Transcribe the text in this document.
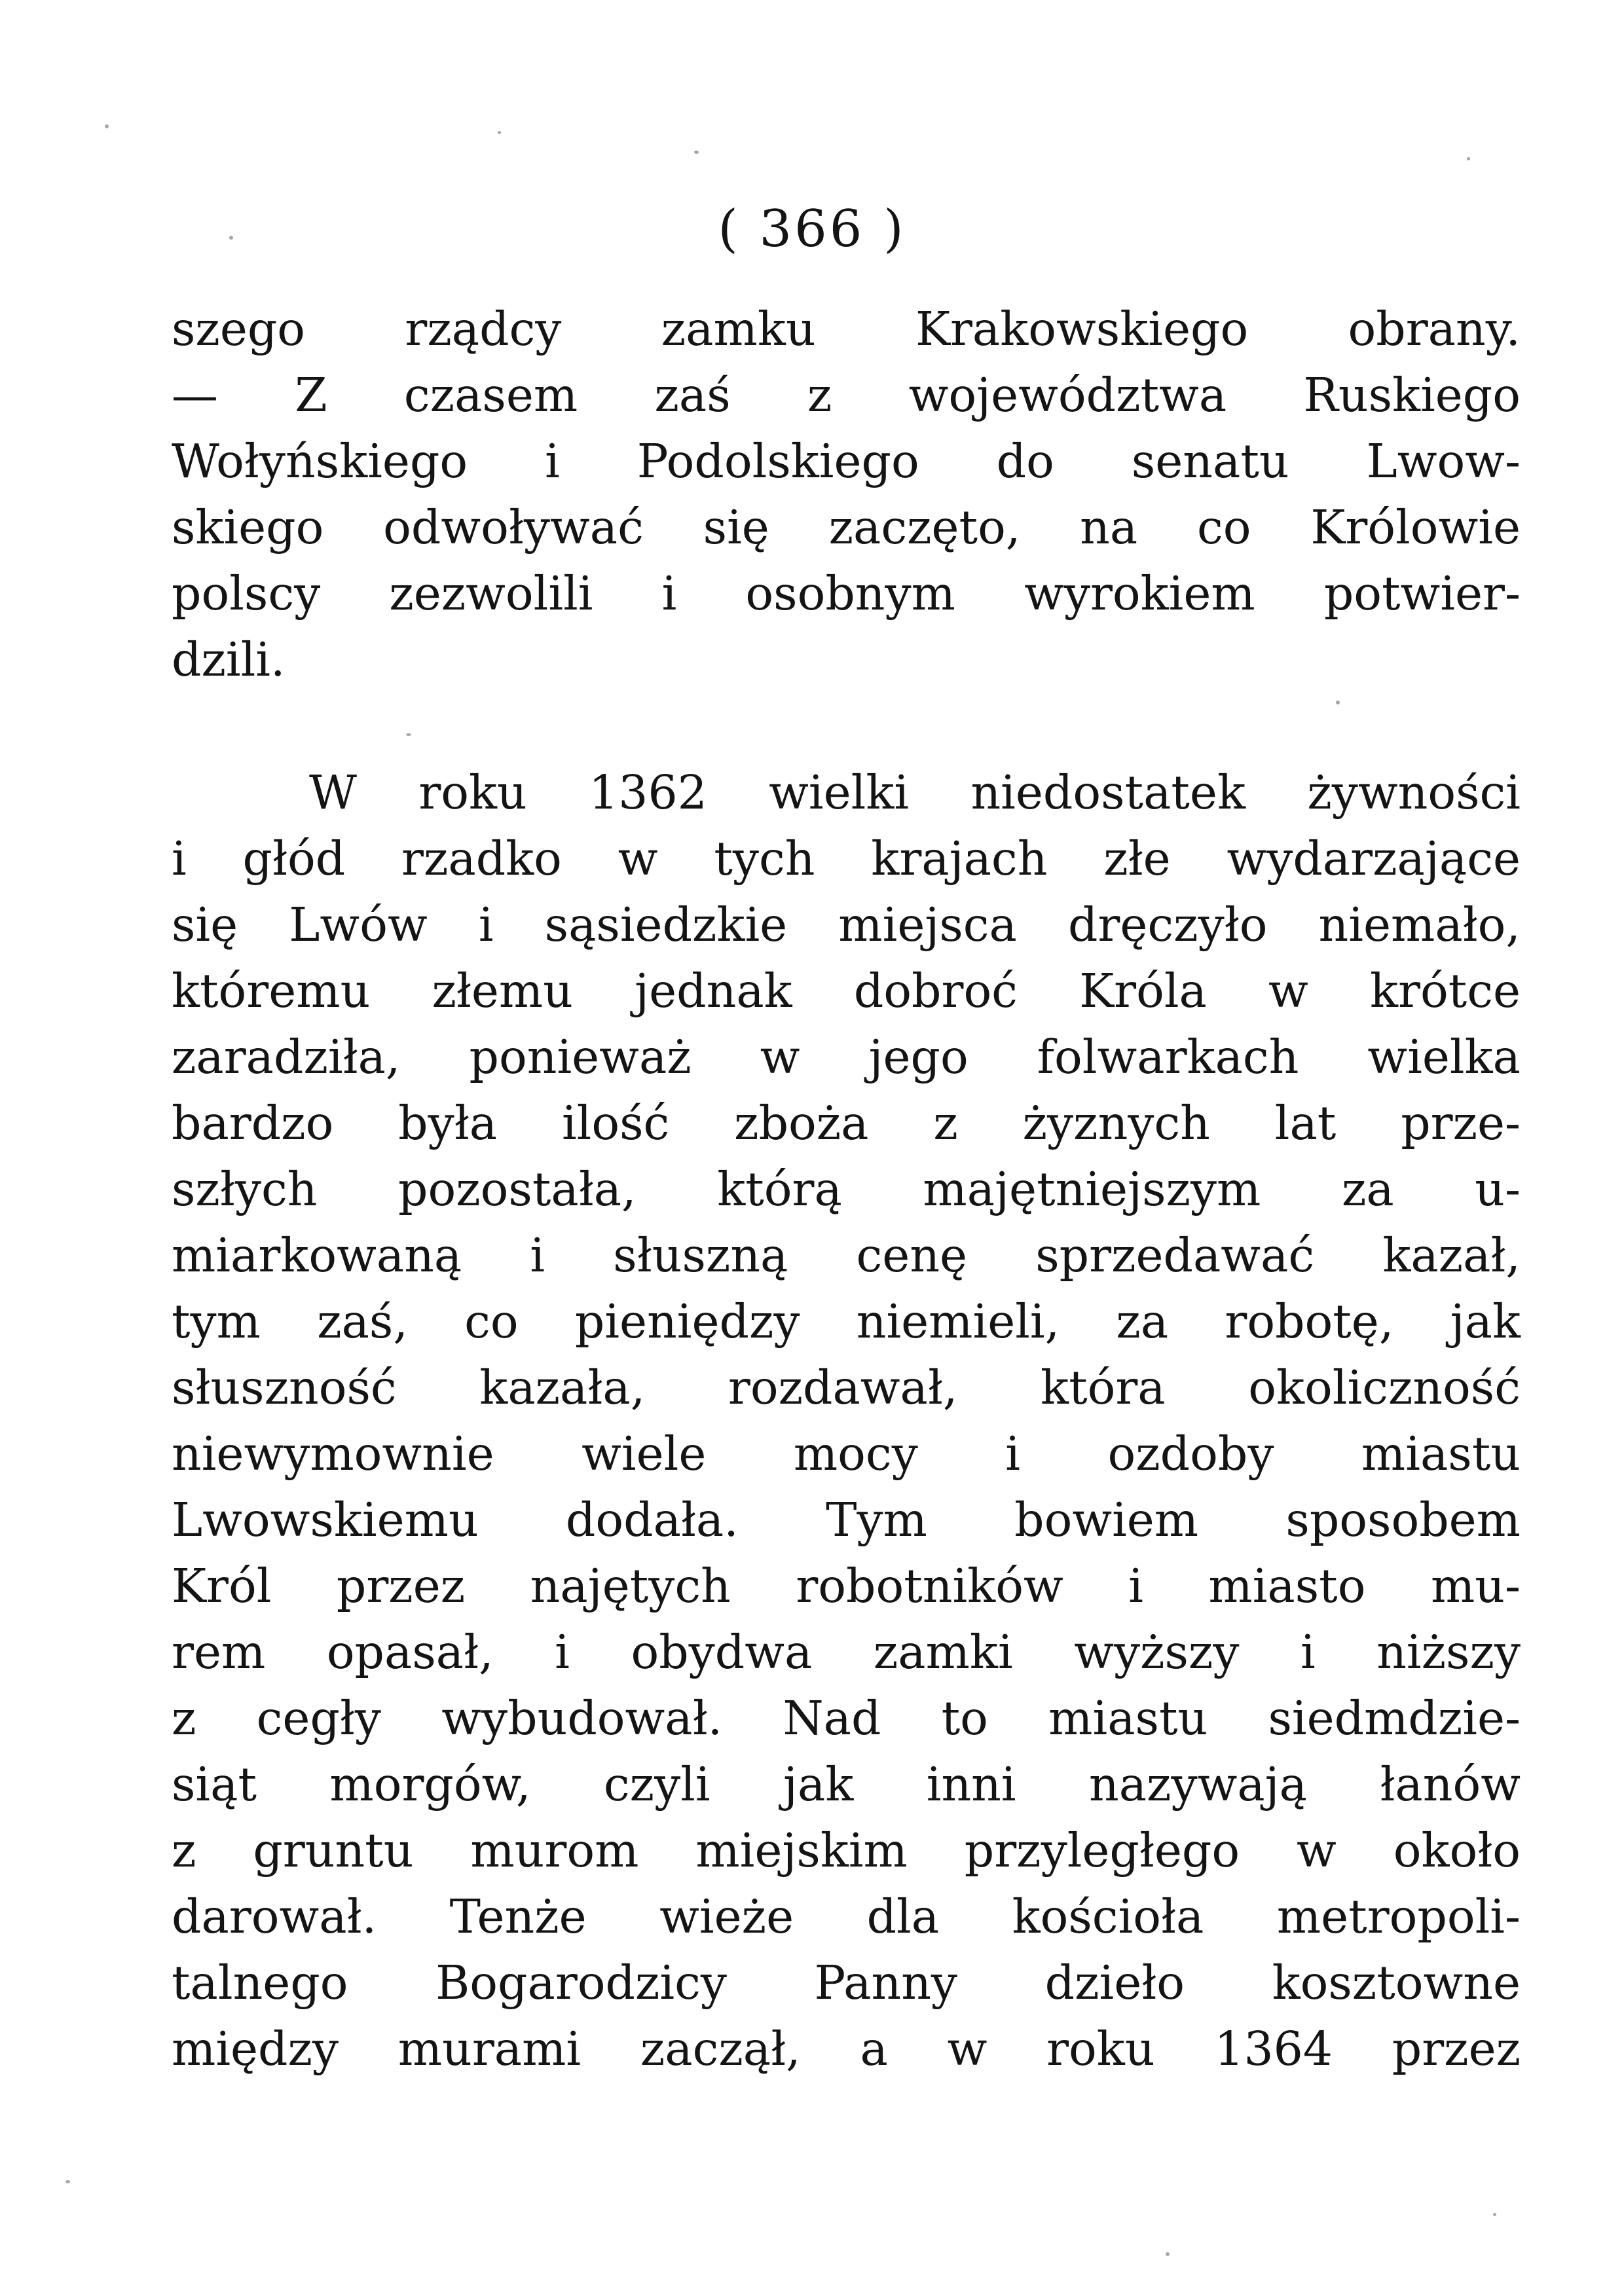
( 366 )
szego rządcy zamku Krakowskiego obrany.
— Z czasem zaś z województwa Ruskiego
Wołyńskiego i Podolskiego do senatu Lwow-
skiego odwoływać się zaczęto, na co Królowie
polscy zezwolili i osobnym wyrokiem potwier-
dzili.
W roku 1362 wielki niedostatek żywności
i głód rzadko w tych krajach złe wydarzające
się Lwów i sąsiedzkie miejsca dręczyło niemało,
któremu złemu jednak dobroć Króla w krótce
zaradziła, ponieważ w jego folwarkach wielka
bardzo była ilość zboża z żyznych lat prze-
szłych pozostała, którą majętniejszym za u-
miarkowaną i słuszną cenę sprzedawać kazał,
tym zaś, co pieniędzy niemieli, za robotę, jak
słuszność kazała, rozdawał, która okoliczność
niewymownie wiele mocy i ozdoby miastu
Lwowskiemu dodała. Tym bowiem sposobem
Król przez najętych robotników i miasto mu-
rem opasał, i obydwa zamki wyższy i niższy
z cegły wybudował. Nad to miastu siedmdzie-
siąt morgów, czyli jak inni nazywają łanów
z gruntu murom miejskim przyległego w około
darował. Tenże wieże dla kościoła metropoli-
talnego Bogarodzicy Panny dzieło kosztowne
między murami zaczął, a w roku 1364 przez
